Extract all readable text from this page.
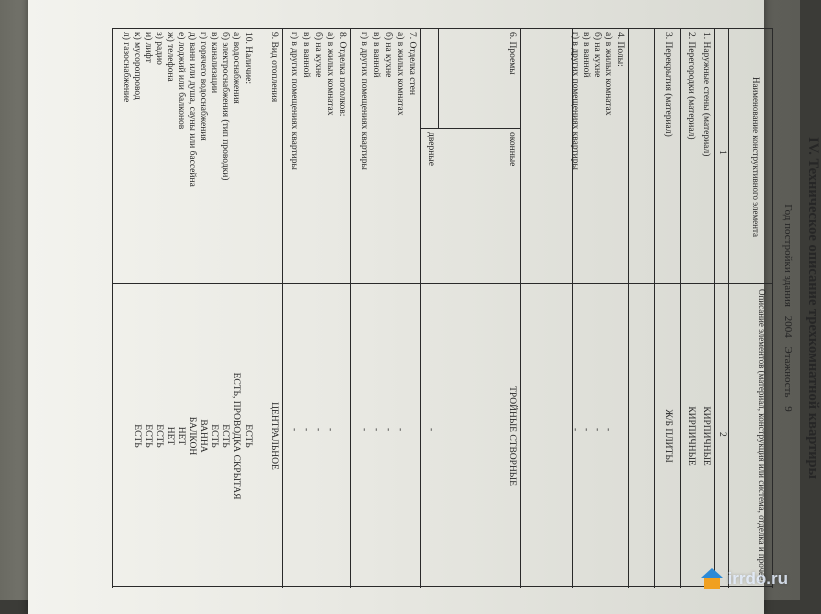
IV. Техническое описание трехкомнатной квартиры
Год постройки здания 2004 Этажность 9
Наименование конструктивного элемента
Описание элементов (материал, конструкция или система, отделка и прочее)
1
2
1. Наружные стены (материал)
КИРПИЧНЫЕ
2. Перегородки (материал)
КИРПИЧНЫЕ
3. Перекрытия (материал)
Ж/Б ПЛИТЫ
4. Полы:
а) в жилых комнатах
-
б) на кухне
-
в) в ванной
-
г) в других помещениях квартиры
-
6. Проемы
оконные
ТРОЙНЫЕ СТВОРНЫЕ
дверные
-
7. Отделка стен
а) в жилых комнатах
-
б) на кухне
-
в) в ванной
-
г) в других помещениях квартиры
-
8. Отделка потолков:
а) в жилых комнатах
-
б) на кухне
-
в) в ванной
-
г) в других помещениях квартиры
-
9. Вид отопления
ЦЕНТРАЛЬНОЕ
10. Наличие:
а) водоснабжения
ЕСТЬ
б) электроснабжения (тип проводки)
ЕСТЬ, ПРОВОДКА СКРЫТАЯ
в) канализации
ЕСТЬ
г) горячего водоснабжения
ЕСТЬ
д) ванн или душа, сауны или бассейна
ВАННА
е) лоджий или балконов
БАЛКОН
ж) телефона
НЕТ
з) радио
НЕТ
и) лифт
ЕСТЬ
к) мусоропровод
ЕСТЬ
л) газоснабжение
ЕСТЬ
irrdo.ru
